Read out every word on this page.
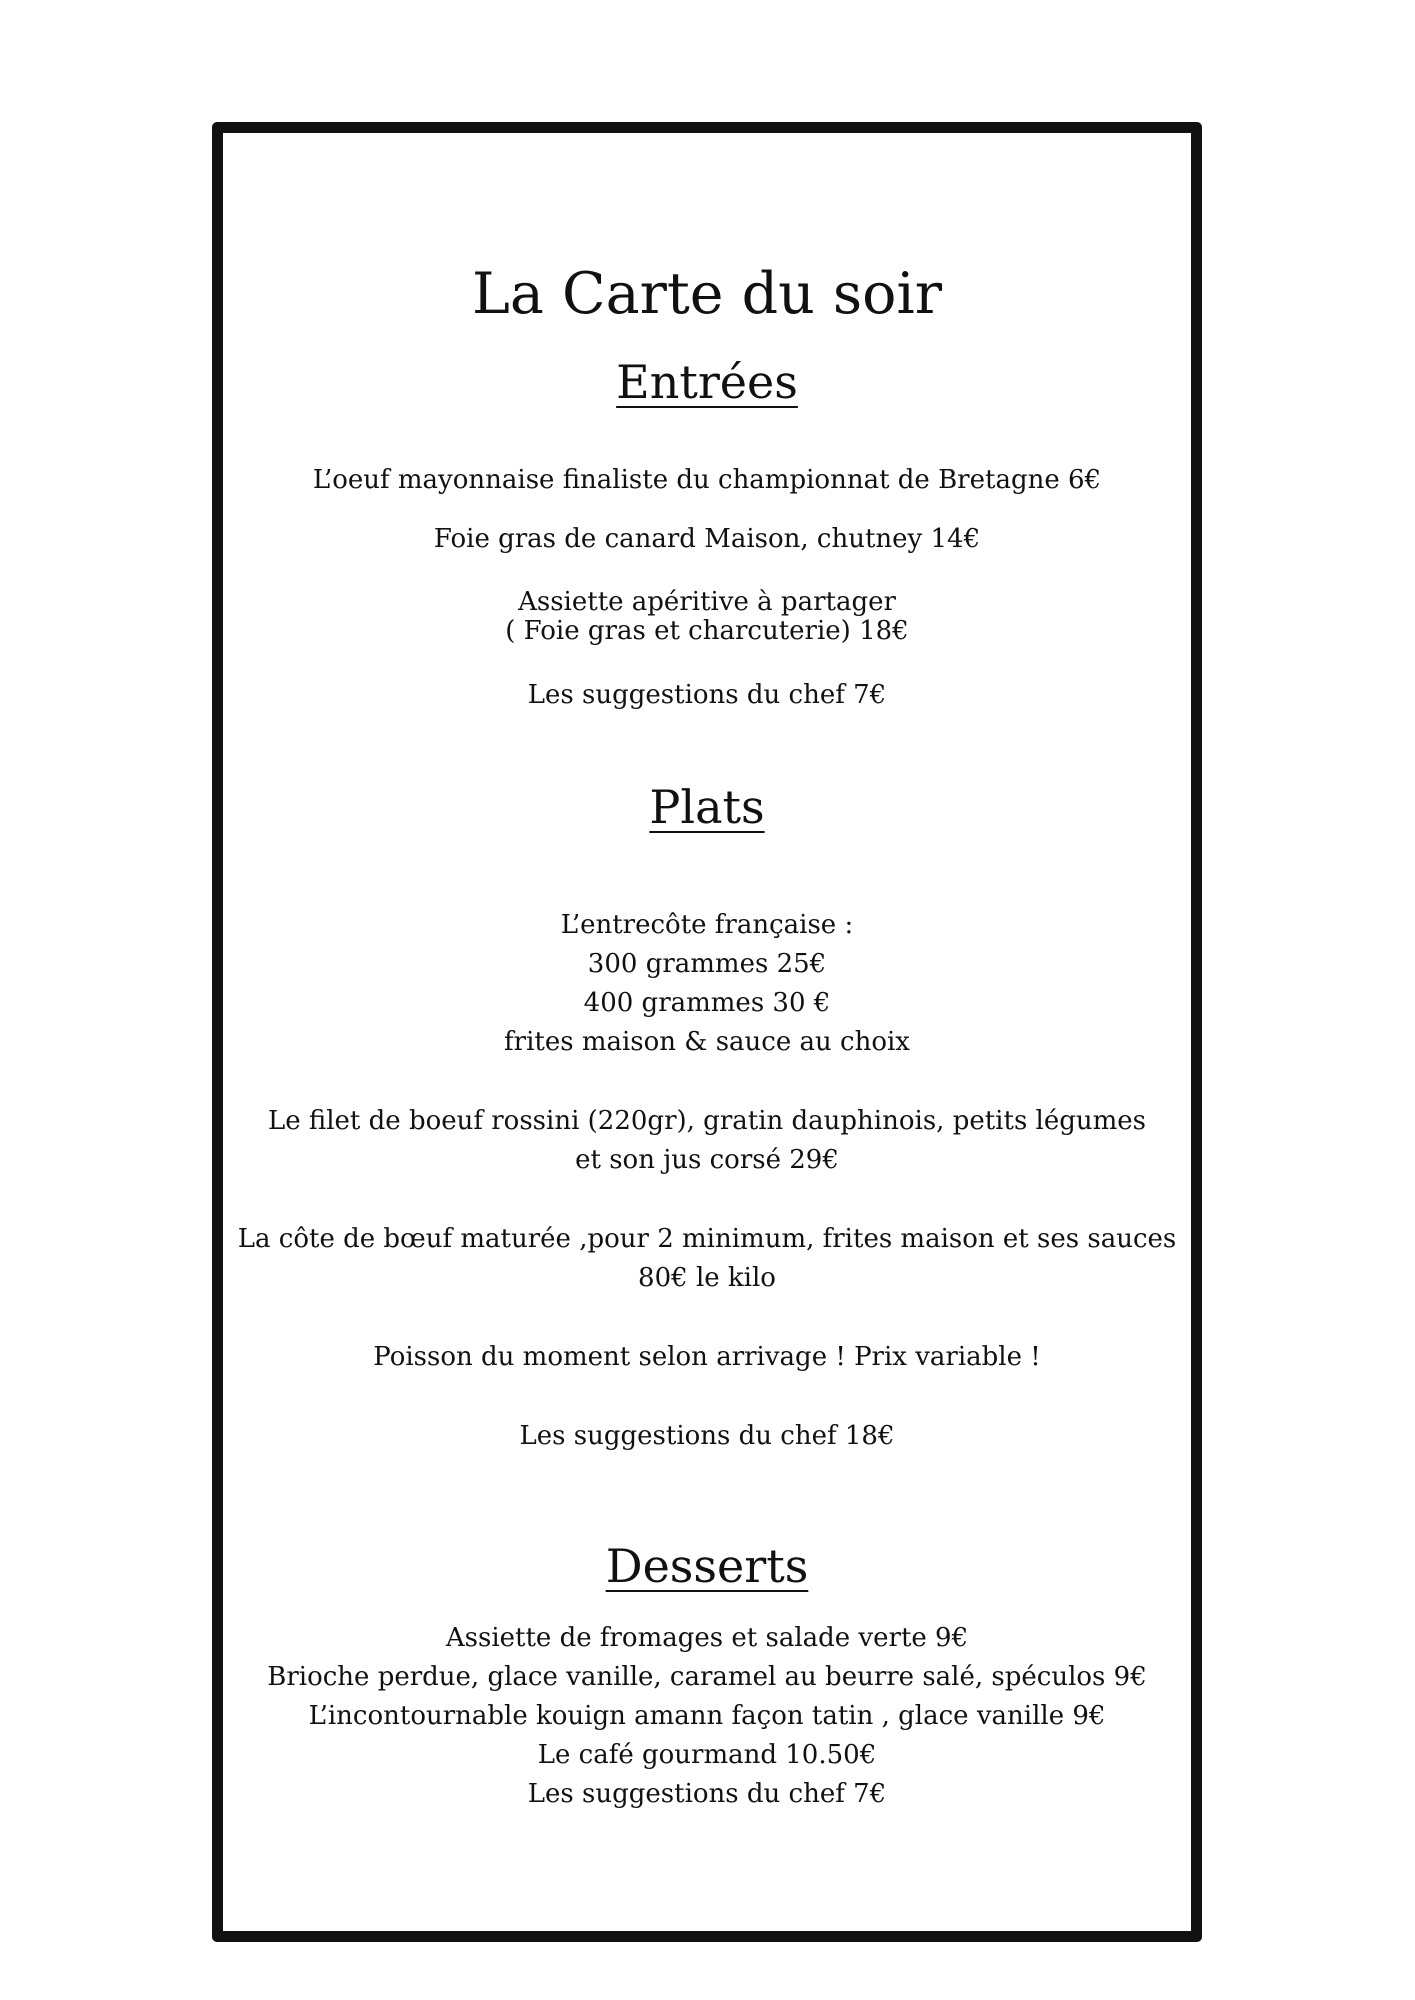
La Carte du soir
Entrées

L’oeuf mayonnaise finaliste du championnat de Bretagne 6€

Foie gras de canard Maison, chutney 14€

Assiette apéritive à partager

( Foie gras et charcuterie) 18€

Les suggestions du chef 7€

Plats

L’entrecôte française :

300 grammes 25€

400 grammes 30 €

frites maison & sauce au choix

Le filet de boeuf rossini (220gr), gratin dauphinois, petits légumes

et son jus corsé 29€

La côte de bœuf maturée ,pour 2 minimum, frites maison et ses sauces

80€ le kilo

Poisson du moment selon arrivage ! Prix variable !

Les suggestions du chef 18€

Desserts

Assiette de fromages et salade verte 9€

Brioche perdue, glace vanille, caramel au beurre salé, spéculos 9€

L’incontournable kouign amann façon tatin , glace vanille 9€

Le café gourmand 10.50€

Les suggestions du chef 7€
